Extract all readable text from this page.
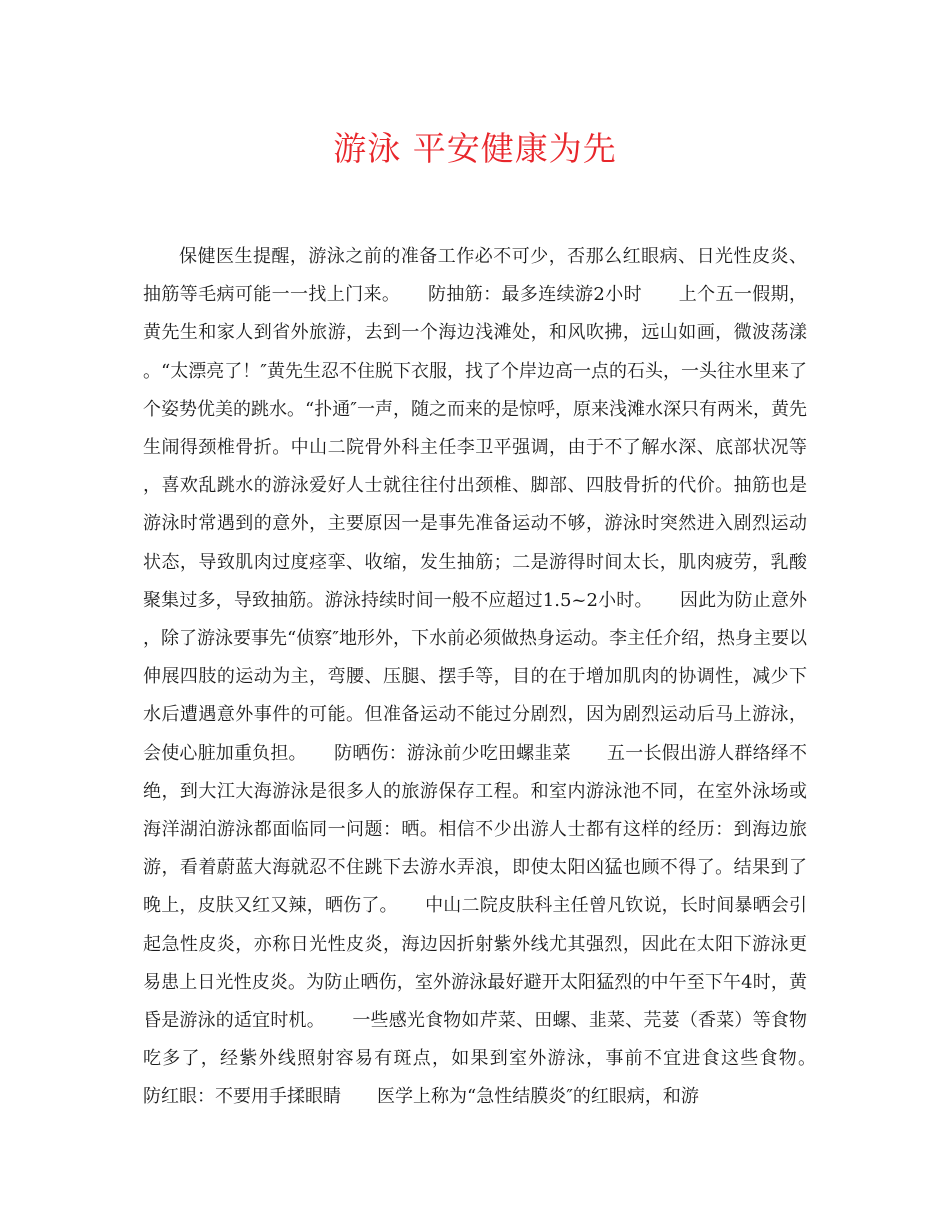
游泳 平安健康为先

保健医生提醒，游泳之前的准备工作必不可少，否那么红眼病、日光性皮炎、抽筋等毛病可能一一找上门来。　　防抽筋：最多连续游2小时　　上个五一假期，黄先生和家人到省外旅游，去到一个海边浅滩处，和风吹拂，远山如画，微波荡漾。“太漂亮了！″黄先生忍不住脱下衣服，找了个岸边高一点的石头，一头往水里来了个姿势优美的跳水。“扑通″一声，随之而来的是惊呼，原来浅滩水深只有两米，黄先生闹得颈椎骨折。中山二院骨外科主任李卫平强调，由于不了解水深、底部状况等，喜欢乱跳水的游泳爱好人士就往往付出颈椎、脚部、四肢骨折的代价。抽筋也是游泳时常遇到的意外，主要原因一是事先准备运动不够，游泳时突然进入剧烈运动状态，导致肌肉过度痉挛、收缩，发生抽筋；二是游得时间太长，肌肉疲劳，乳酸聚集过多，导致抽筋。游泳持续时间一般不应超过1.5~2小时。　　因此为防止意外，除了游泳要事先“侦察″地形外，下水前必须做热身运动。李主任介绍，热身主要以伸展四肢的运动为主，弯腰、压腿、摆手等，目的在于增加肌肉的协调性，减少下水后遭遇意外事件的可能。但准备运动不能过分剧烈，因为剧烈运动后马上游泳，会使心脏加重负担。　　防晒伤：游泳前少吃田螺韭菜　　五一长假出游人群络绎不绝，到大江大海游泳是很多人的旅游保存工程。和室内游泳池不同，在室外泳场或海洋湖泊游泳都面临同一问题：晒。相信不少出游人士都有这样的经历：到海边旅游，看着蔚蓝大海就忍不住跳下去游水弄浪，即使太阳凶猛也顾不得了。结果到了晚上，皮肤又红又辣，晒伤了。　　中山二院皮肤科主任曾凡钦说，长时间暴晒会引起急性皮炎，亦称日光性皮炎，海边因折射紫外线尤其强烈，因此在太阳下游泳更易患上日光性皮炎。为防止晒伤，室外游泳最好避开太阳猛烈的中午至下午4时，黄昏是游泳的适宜时机。　　一些感光食物如芹菜、田螺、韭菜、芫荽（香菜）等食物吃多了，经紫外线照射容易有斑点，如果到室外游泳，事前不宜进食这些食物。　　防红眼：不要用手揉眼睛　　医学上称为“急性结膜炎″的红眼病，和游
